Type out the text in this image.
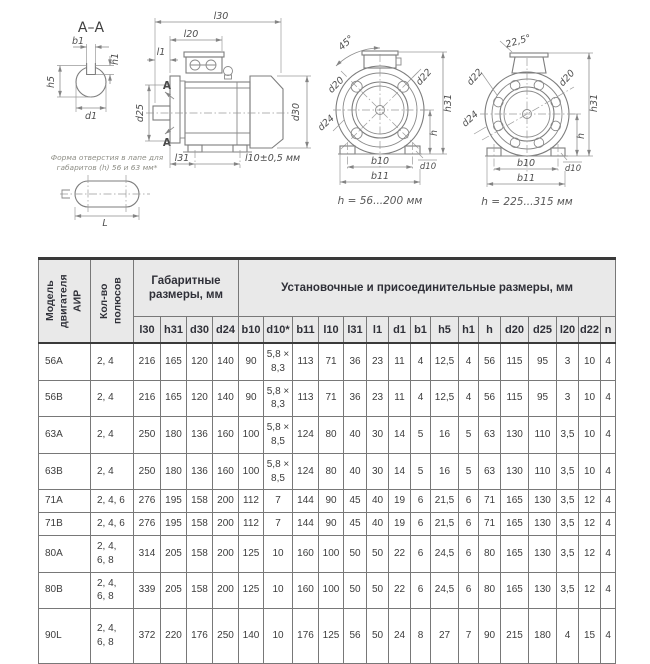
А–А
b1
h1
h5
d1
Форма отверстия в лапе для
габаритов (h) 56 и 63 мм*
L
l30
l20
l1
d25	d30
А
А
l31	l10±0,5 мм
45°
d20	d22
d24
h31
h
b10	d10
b11
h = 56...200 мм
22,5°
d22	d20
d24
h31
h
b10	d10
b11
h = 225...315 мм
Модель двигателя АИР	Кол-во полюсов	Габаритные размеры, мм				Установочные и присоединительные размеры, мм															
		l30	h31	d30	d24	b10	d10*	b11	l10	l31	l1	d1	b1	h5	h1	h	d20	d25	l20	d22	n
56A	2, 4	216	165	120	140	90	5,8 × 8,3	113	71	36	23	11	4	12,5	4	56	115	95	3	10	4
56B	2, 4	216	165	120	140	90	5,8 × 8,3	113	71	36	23	11	4	12,5	4	56	115	95	3	10	4
63A	2, 4	250	180	136	160	100	5,8 × 8,5	124	80	40	30	14	5	16	5	63	130	110	3,5	10	4
63B	2, 4	250	180	136	160	100	5,8 × 8,5	124	80	40	30	14	5	16	5	63	130	110	3,5	10	4
71A	2, 4, 6	276	195	158	200	112	7	144	90	45	40	19	6	21,5	6	71	165	130	3,5	12	4
71B	2, 4, 6	276	195	158	200	112	7	144	90	45	40	19	6	21,5	6	71	165	130	3,5	12	4
80A	2, 4, 6, 8	314	205	158	200	125	10	160	100	50	50	22	6	24,5	6	80	165	130	3,5	12	4
80B	2, 4, 6, 8	339	205	158	200	125	10	160	100	50	50	22	6	24,5	6	80	165	130	3,5	12	4
90L	2, 4, 6, 8	372	220	176	250	140	10	176	125	56	50	24	8	27	7	90	215	180	4	15	4
